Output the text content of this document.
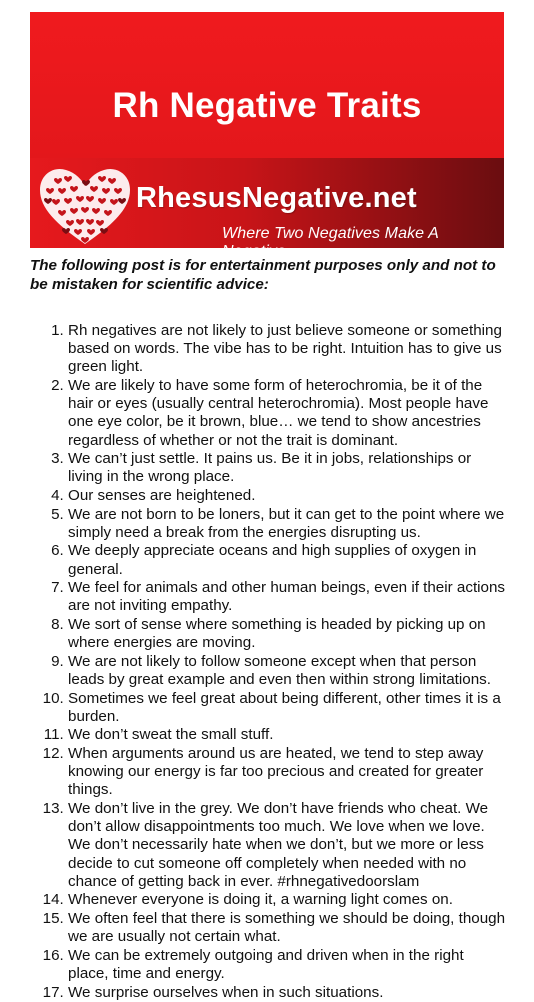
Rh Negative Traits
RhesusNegative.net
Where Two Negatives Make A Negative

The following post is for entertainment purposes only and not to be mistaken for scientific advice:

1. Rh negatives are not likely to just believe someone or something based on words. The vibe has to be right. Intuition has to give us green light.
2. We are likely to have some form of heterochromia, be it of the hair or eyes (usually central heterochromia). Most people have one eye color, be it brown, blue… we tend to show ancestries regardless of whether or not the trait is dominant.
3. We can’t just settle. It pains us. Be it in jobs, relationships or living in the wrong place.
4. Our senses are heightened.
5. We are not born to be loners, but it can get to the point where we simply need a break from the energies disrupting us.
6. We deeply appreciate oceans and high supplies of oxygen in general.
7. We feel for animals and other human beings, even if their actions are not inviting empathy.
8. We sort of sense where something is headed by picking up on where energies are moving.
9. We are not likely to follow someone except when that person leads by great example and even then within strong limitations.
10. Sometimes we feel great about being different, other times it is a burden.
11. We don’t sweat the small stuff.
12. When arguments around us are heated, we tend to step away knowing our energy is far too precious and created for greater things.
13. We don’t live in the grey. We don’t have friends who cheat. We don’t allow disappointments too much. We love when we love. We don’t necessarily hate when we don’t, but we more or less decide to cut someone off completely when needed with no chance of getting back in ever. #rhnegativedoorslam
14. Whenever everyone is doing it, a warning light comes on.
15. We often feel that there is something we should be doing, though we are usually not certain what.
16. We can be extremely outgoing and driven when in the right place, time and energy.
17. We surprise ourselves when in such situations.
